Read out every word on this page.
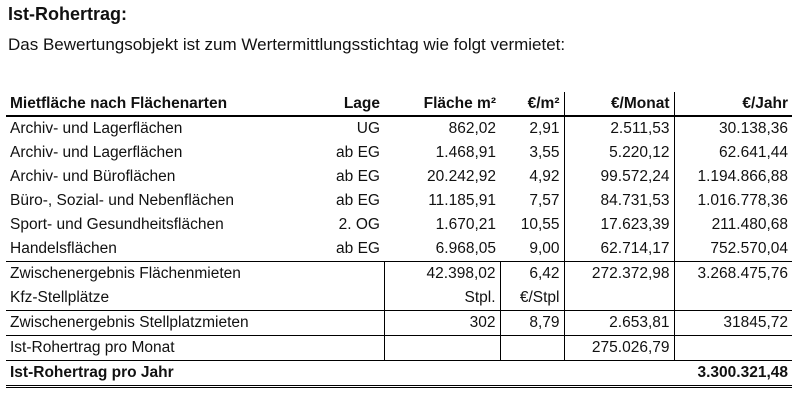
Ist-Rohertrag:
Das Bewertungsobjekt ist zum Wertermittlungsstichtag wie folgt vermietet:
Mietfläche nach Flächenarten	Lage	Fläche m²	€/m²	€/Monat	€/Jahr
Archiv- und Lagerflächen	UG	862,02	2,91	2.511,53	30.138,36
Archiv- und Lagerflächen	ab EG	1.468,91	3,55	5.220,12	62.641,44
Archiv- und Büroflächen	ab EG	20.242,92	4,92	99.572,24	1.194.866,88
Büro-, Sozial- und Nebenflächen	ab EG	11.185,91	7,57	84.731,53	1.016.778,36
Sport- und Gesundheitsflächen	2. OG	1.670,21	10,55	17.623,39	211.480,68
Handelsflächen	ab EG	6.968,05	9,00	62.714,17	752.570,04
Zwischenergebnis Flächenmieten		42.398,02	6,42	272.372,98	3.268.475,76
Kfz-Stellplätze		Stpl.	€/Stpl		
Zwischenergebnis Stellplatzmieten		302	8,79	2.653,81	31845,72
Ist-Rohertrag pro Monat				275.026,79	
Ist-Rohertrag pro Jahr					3.300.321,48
